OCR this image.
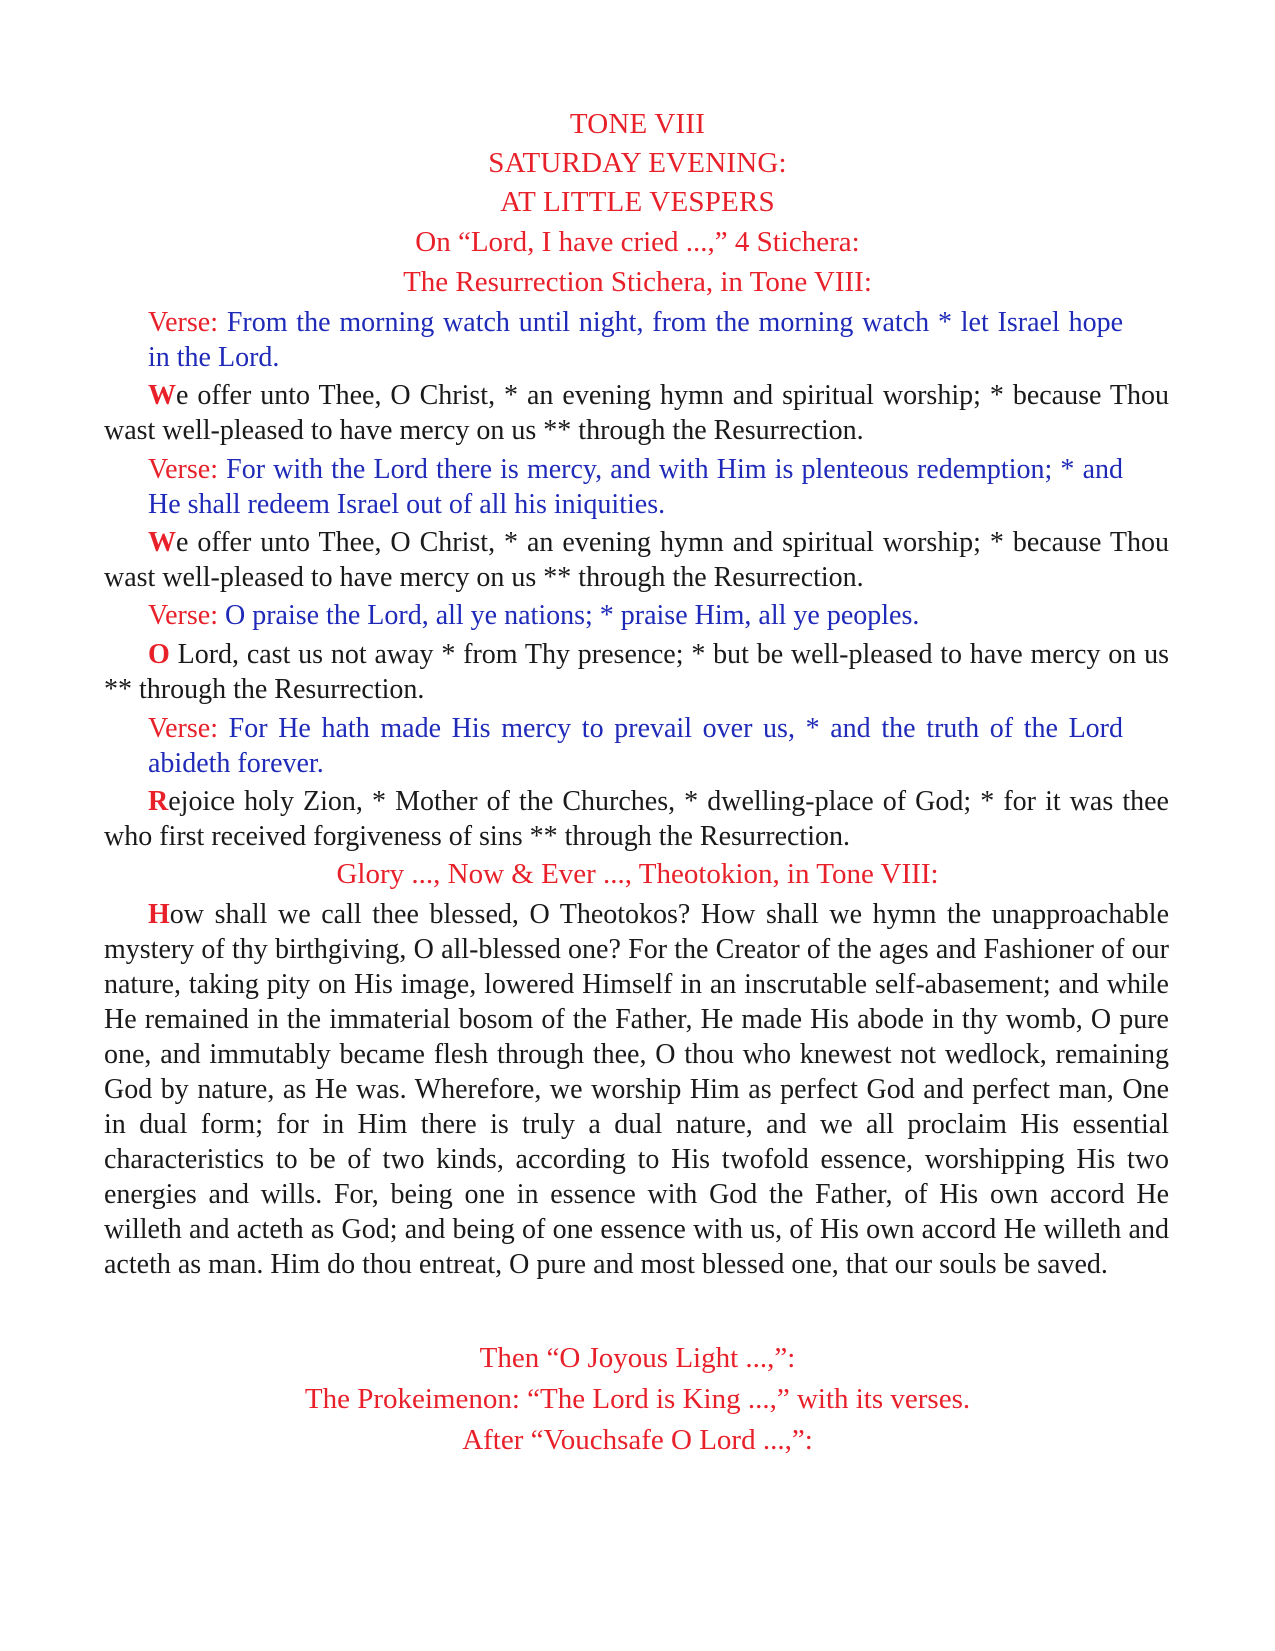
TONE VIII
SATURDAY EVENING:
AT LITTLE VESPERS
On “Lord, I have cried ...,” 4 Stichera:
The Resurrection Stichera, in Tone VIII:
Verse: From the morning watch until night, from the morning watch * let Israel hope in the Lord.
We offer unto Thee, O Christ, * an evening hymn and spiritual worship; * because Thou wast well-pleased to have mercy on us ** through the Resurrection.
Verse: For with the Lord there is mercy, and with Him is plenteous redemption; * and He shall redeem Israel out of all his iniquities.
We offer unto Thee, O Christ, * an evening hymn and spiritual worship; * because Thou wast well-pleased to have mercy on us ** through the Resurrection.
Verse: O praise the Lord, all ye nations; * praise Him, all ye peoples.
O Lord, cast us not away * from Thy presence; * but be well-pleased to have mercy on us ** through the Resurrection.
Verse: For He hath made His mercy to prevail over us, * and the truth of the Lord abideth forever.
Rejoice holy Zion, * Mother of the Churches, * dwelling-place of God; * for it was thee who first received forgiveness of sins ** through the Resurrection.
Glory ..., Now & Ever ..., Theotokion, in Tone VIII:
How shall we call thee blessed, O Theotokos? How shall we hymn the unapproachable mystery of thy birthgiving, O all-blessed one? For the Creator of the ages and Fashioner of our nature, taking pity on His image, lowered Himself in an inscrutable self-abasement; and while He remained in the immaterial bosom of the Father, He made His abode in thy womb, O pure one, and immutably became flesh through thee, O thou who knewest not wedlock, remaining God by nature, as He was. Wherefore, we worship Him as perfect God and perfect man, One in dual form; for in Him there is truly a dual nature, and we all proclaim His essential characteristics to be of two kinds, according to His twofold essence, worshipping His two energies and wills. For, being one in essence with God the Father, of His own accord He willeth and acteth as God; and being of one essence with us, of His own accord He willeth and acteth as man. Him do thou entreat, O pure and most blessed one, that our souls be saved.
Then “O Joyous Light ...,”:
The Prokeimenon: “The Lord is King ...,” with its verses.
After “Vouchsafe O Lord ...,”:
